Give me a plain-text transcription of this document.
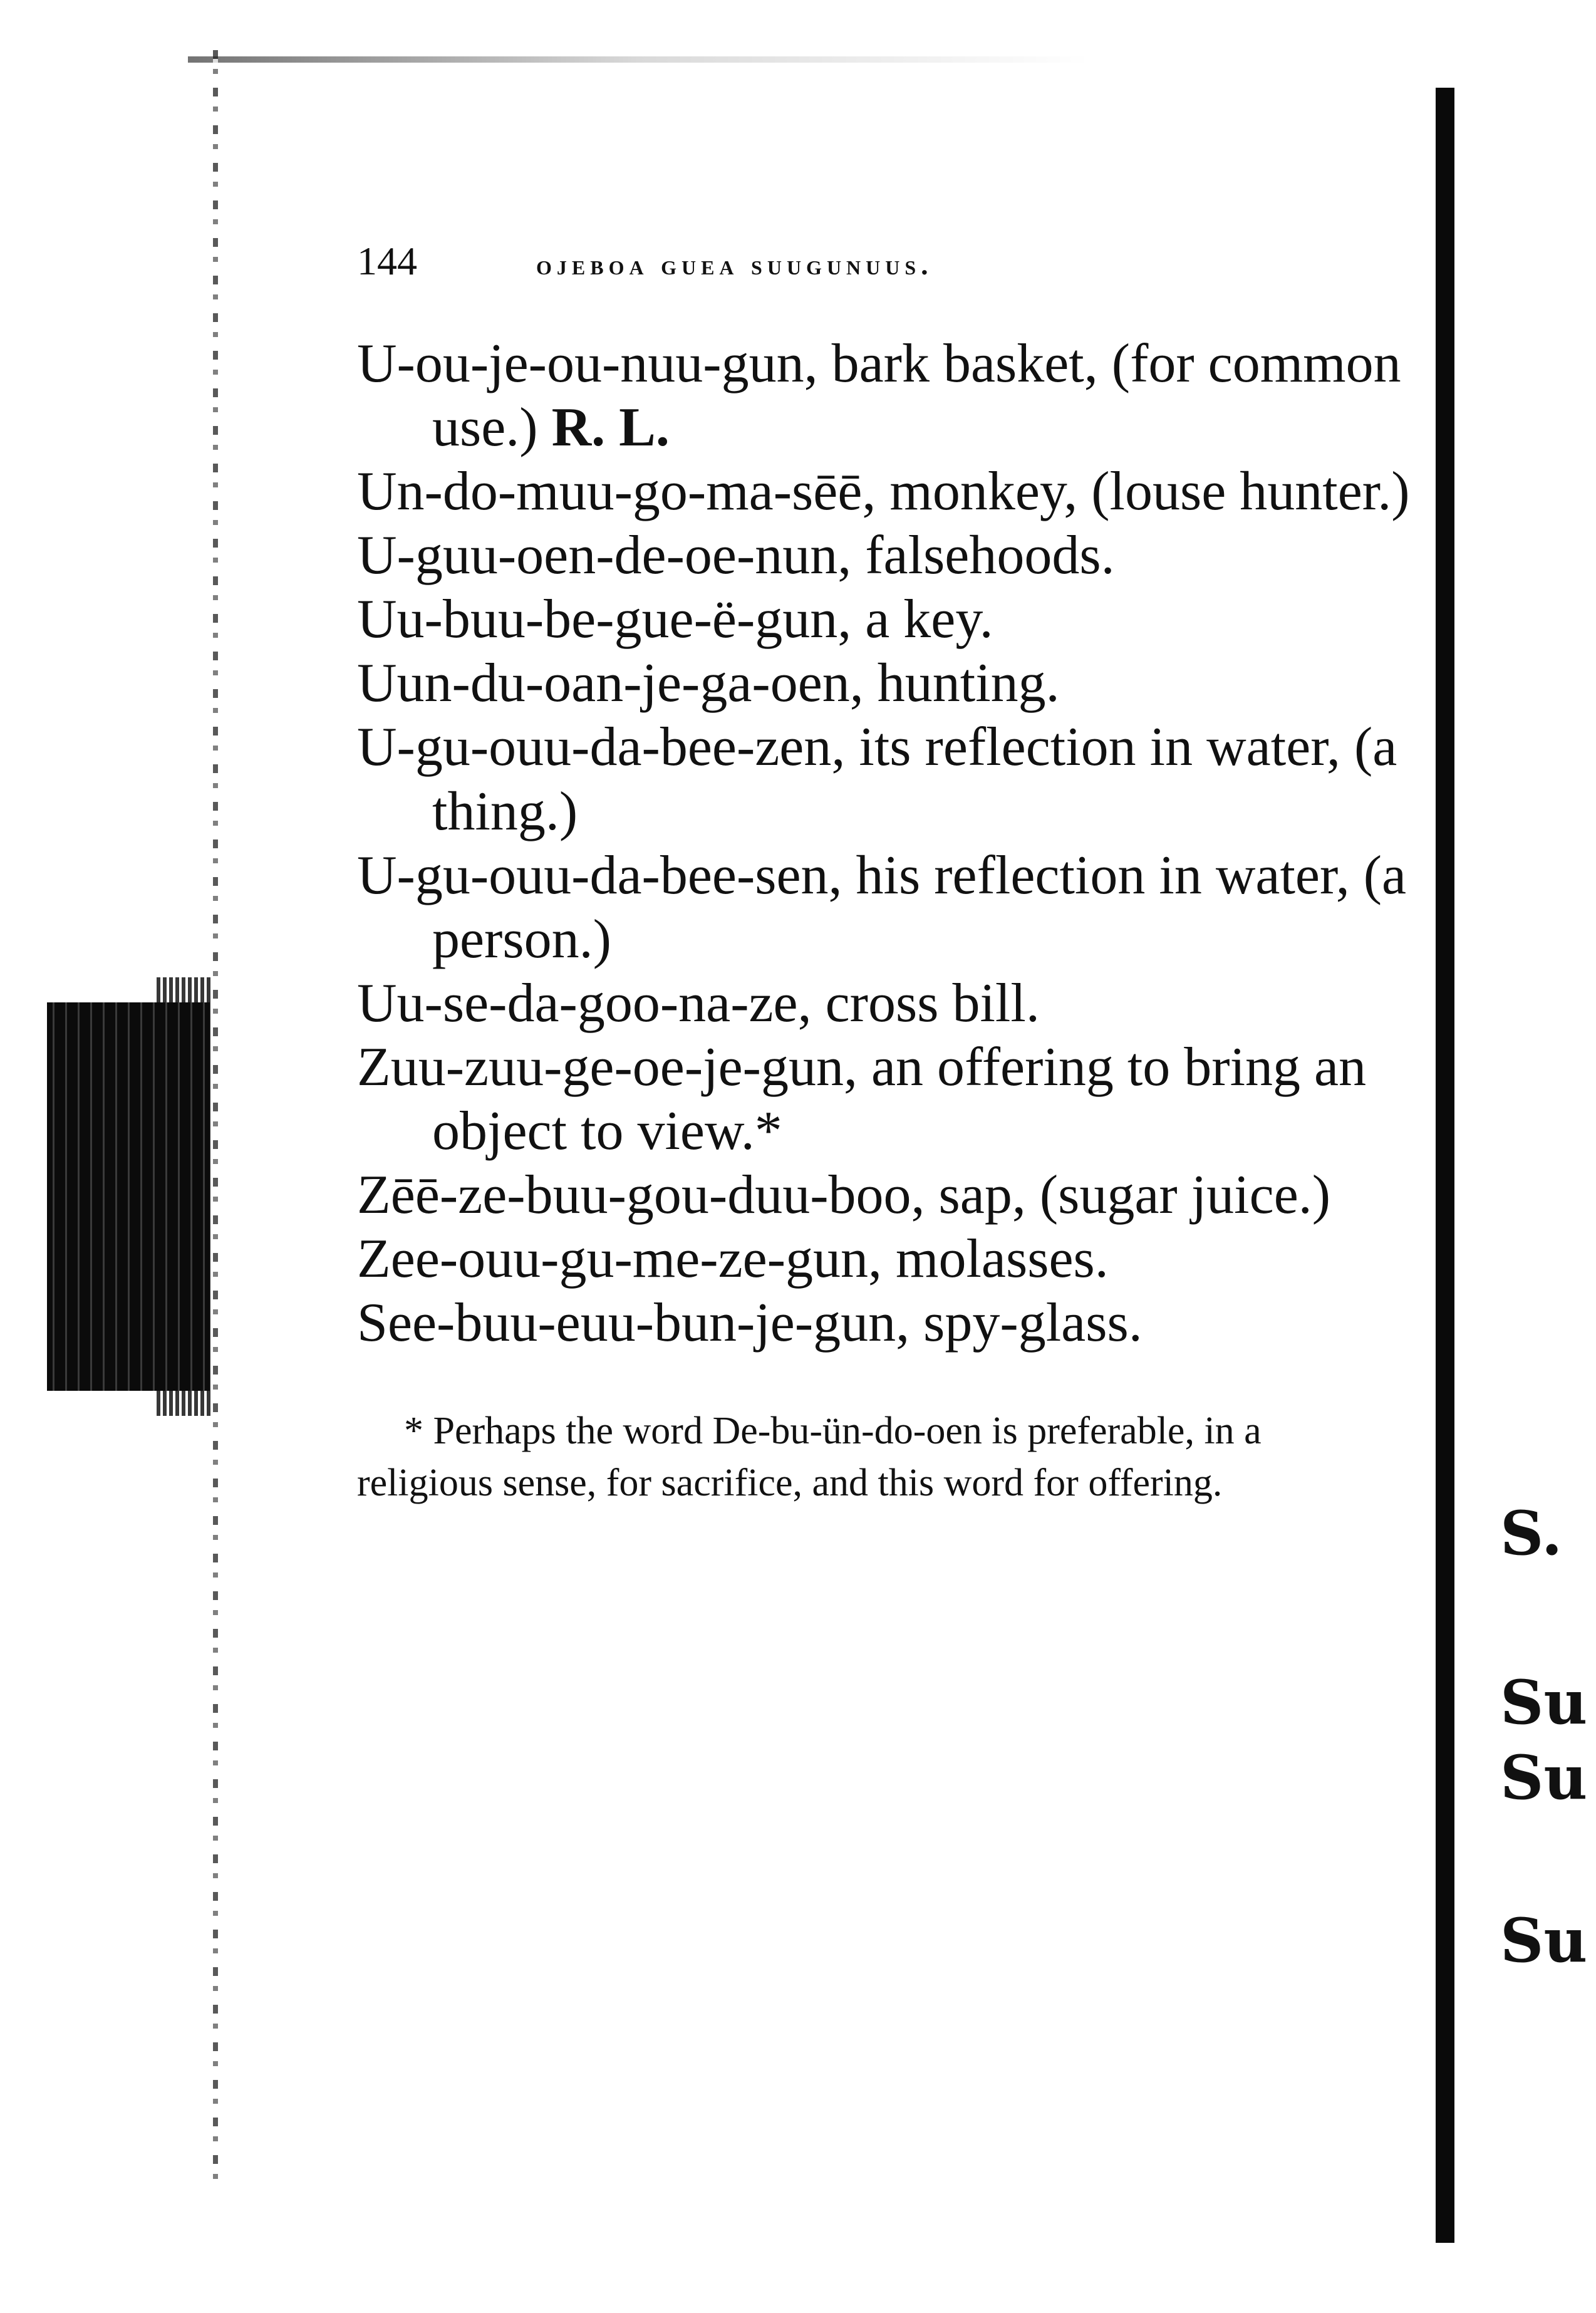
S.
Su
Su
Su
144	ojeboa guea suugunuus.

U-ou-je-ou-nuu-gun, bark basket, (for common use.) R. L.

Un-do-muu-go-ma-sēē, monkey, (louse hunter.)

U-guu-oen-de-oe-nun, falsehoods.

Uu-buu-be-gue-ë-gun, a key.

Uun-du-oan-je-ga-oen, hunting.

U-gu-ouu-da-bee-zen, its reflection in water, (a thing.)

U-gu-ouu-da-bee-sen, his reflection in water, (a person.)

Uu-se-da-goo-na-ze, cross bill.

Zuu-zuu-ge-oe-je-gun, an offering to bring an object to view.*

Zēē-ze-buu-gou-duu-boo, sap, (sugar juice.)

Zee-ouu-gu-me-ze-gun, molasses.

See-buu-euu-bun-je-gun, spy-glass.

* Perhaps the word De-bu-ün-do-oen is preferable, in a religious sense, for sacrifice, and this word for offering.
